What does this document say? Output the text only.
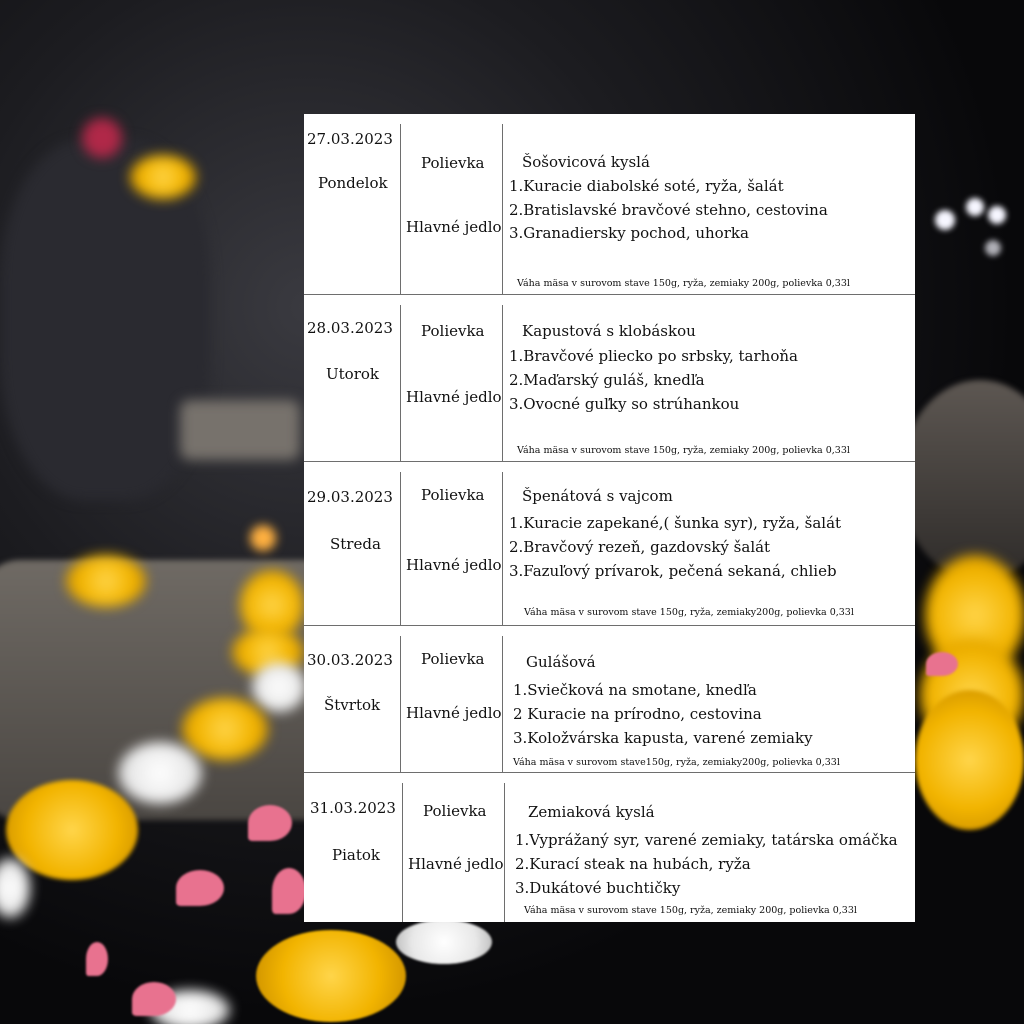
27.03.2023
Pondelok
Polievka
Hlavné jedlo
Šošovicová kyslá
1.Kuracie diabolské soté, ryža, šalát
2.Bratislavské bravčové stehno, cestovina
3.Granadiersky pochod, uhorka
Váha mäsa v surovom stave 150g, ryža, zemiaky 200g, polievka 0,33l
28.03.2023
Utorok
Polievka
Hlavné jedlo
Kapustová s klobáskou
1.Bravčové pliecko po srbsky, tarhoňa
2.Maďarský guláš, knedľa
3.Ovocné guľky so strúhankou
Váha mäsa v surovom stave 150g, ryža, zemiaky 200g, polievka 0,33l
29.03.2023
Streda
Polievka
Hlavné jedlo
Špenátová s vajcom
1.Kuracie zapekané,( šunka syr), ryža, šalát
2.Bravčový rezeň, gazdovský šalát
3.Fazuľový prívarok, pečená sekaná, chlieb
Váha mäsa v surovom stave 150g, ryža, zemiaky200g, polievka 0,33l
30.03.2023
Štvrtok
Polievka
Hlavné jedlo
Gulášová
1.Sviečková na smotane, knedľa
2 Kuracie na prírodno, cestovina
3.Koložvárska kapusta, varené zemiaky
Váha mäsa v surovom stave150g, ryža, zemiaky200g, polievka 0,33l
31.03.2023
Piatok
Polievka
Hlavné jedlo
Zemiaková kyslá
1.Vyprážaný syr, varené zemiaky, tatárska omáčka
2.Kurací steak na hubách, ryža
3.Dukátové buchtičky
Váha mäsa v surovom stave 150g, ryža, zemiaky 200g, polievka 0,33l
